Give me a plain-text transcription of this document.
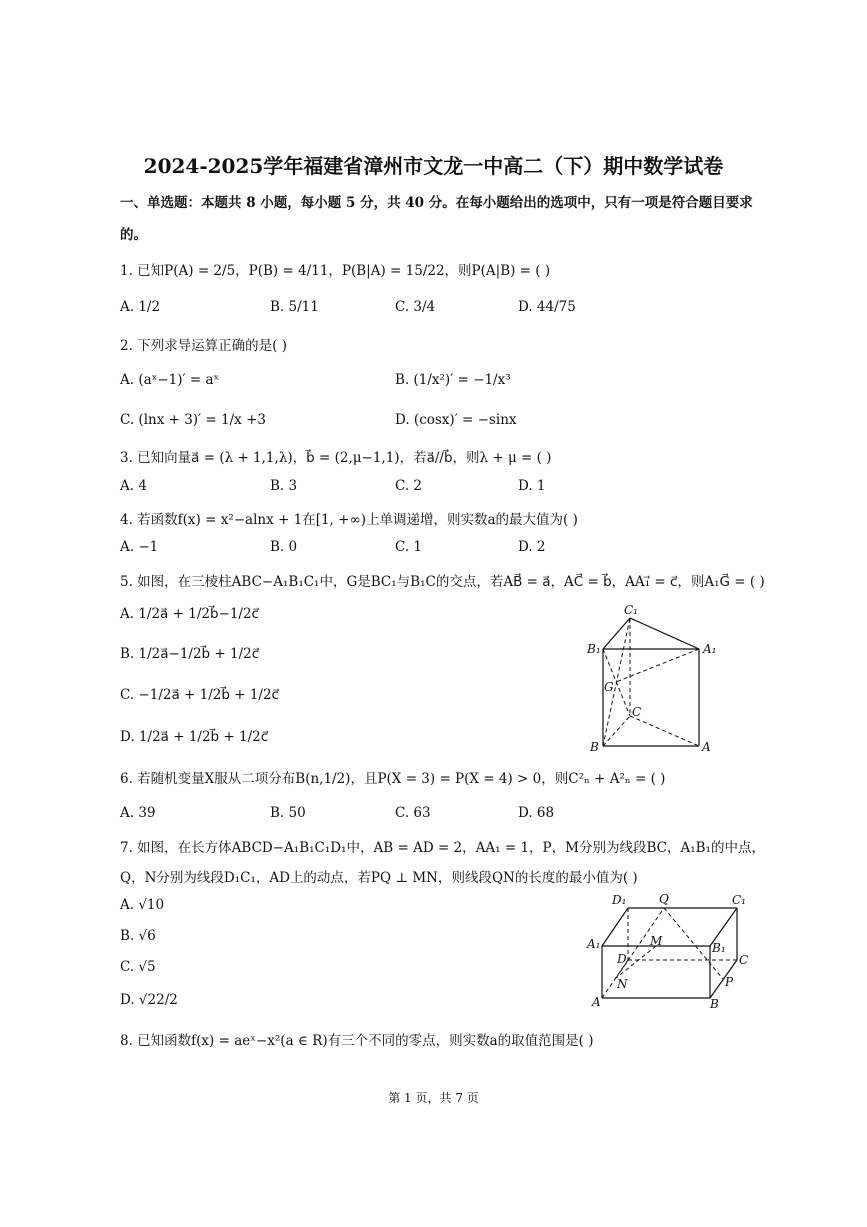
2024-2025学年福建省漳州市文龙一中高二（下）期中数学试卷
一、单选题：本题共 8 小题，每小题 5 分，共 40 分。在每小题给出的选项中，只有一项是符合题目要求
的。
1. 已知P(A) = 2/5，P(B) = 4/11，P(B|A) = 15/22，则P(A|B) = ( )
A. 1/2	B. 5/11	C. 3/4	D. 44/75
2. 下列求导运算正确的是( )
A. (aˣ−1)′ = aˣ	B. (1/x²)′ = −1/x³
C. (lnx + 3)′ = 1/x +3	D. (cosx)′ = −sinx
3. 已知向量a⃗ = (λ + 1,1,λ)，b⃗ = (2,μ−1,1)，若a⃗//b⃗，则λ + μ = ( )
A. 4	B. 3	C. 2	D. 1
4. 若函数f(x) = x²−alnx + 1在[1, +∞)上单调递增，则实数a的最大值为( )
A. −1	B. 0	C. 1	D. 2
5. 如图，在三棱柱ABC−A₁B₁C₁中，G是BC₁与B₁C的交点，若AB⃗ = a⃗，AC⃗ = b⃗，AA₁⃗ = c⃗，则A₁G⃗ = ( )
A. 1/2a⃗ + 1/2b⃗−1/2c⃗
B. 1/2a⃗−1/2b⃗ + 1/2c⃗
C. −1/2a⃗ + 1/2b⃗ + 1/2c⃗
D. 1/2a⃗ + 1/2b⃗ + 1/2c⃗
C₁
B₁	A₁
G
C
B	A
6. 若随机变量X服从二项分布B(n,1/2)，且P(X = 3) = P(X = 4) > 0，则C²ₙ + A²ₙ = ( )
A. 39	B. 50	C. 63	D. 68
7. 如图，在长方体ABCD−A₁B₁C₁D₁中，AB = AD = 2，AA₁ = 1，P，M分别为线段BC，A₁B₁的中点，
Q，N分别为线段D₁C₁，AD上的动点，若PQ ⊥ MN，则线段QN的长度的最小值为( )
A. √10
B. √6
C. √5
D. √22/2
D₁	Q	C₁
A₁	M	B₁
D	C
N	P
A	B
8. 已知函数f(x) = aeˣ−x²(a ∈ R)有三个不同的零点，则实数a的取值范围是( )
第 1 页，共 7 页
